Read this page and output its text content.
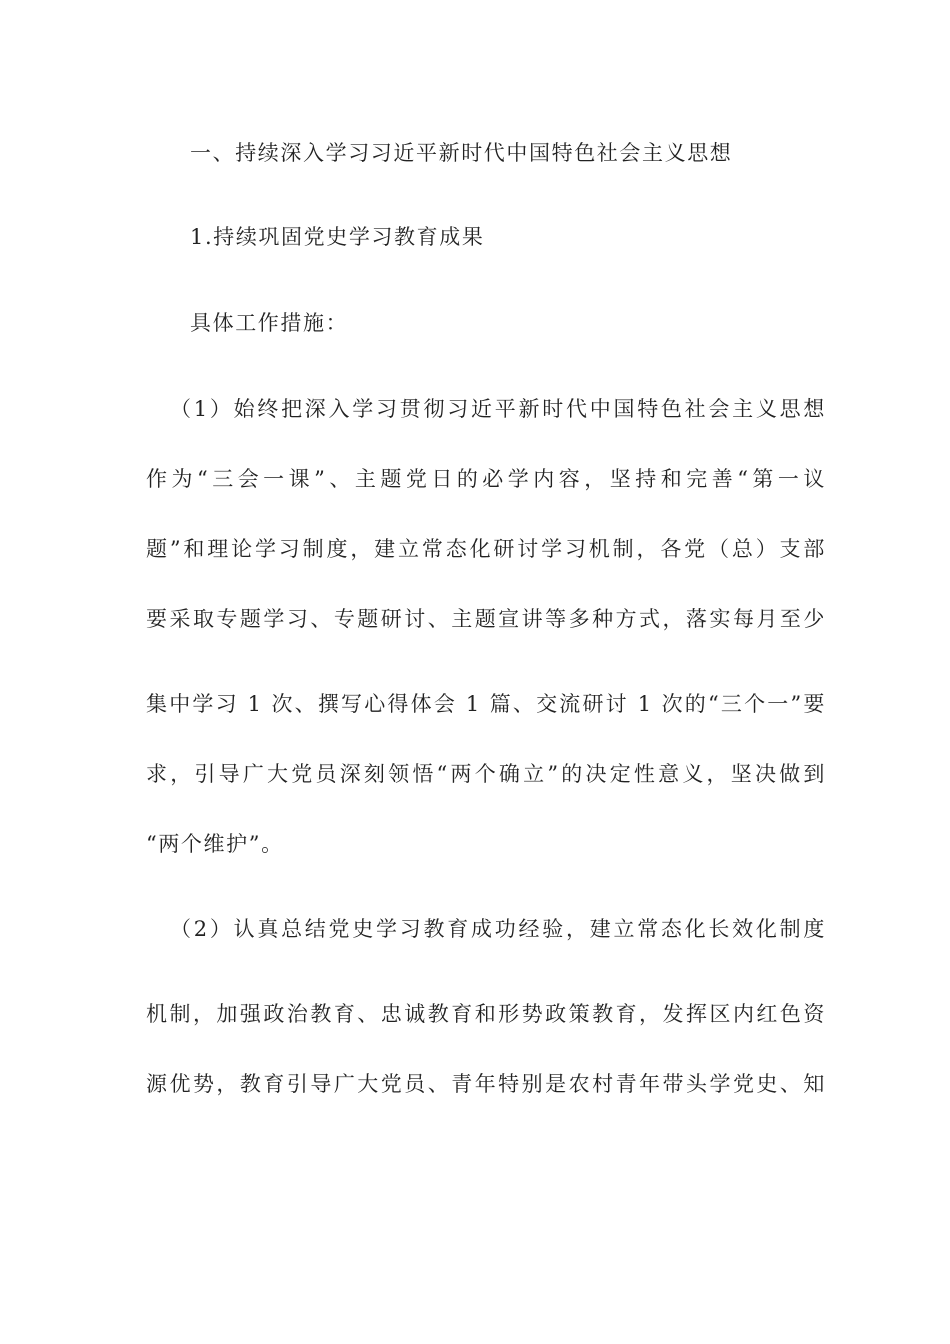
一、持续深入学习习近平新时代中国特色社会主义思想
1.持续巩固党史学习教育成果
具体工作措施：
（1）始终把深入学习贯彻习近平新时代中国特色社会主义思想
作为“三会一课”、主题党日的必学内容，坚持和完善“第一议
题”和理论学习制度，建立常态化研讨学习机制，各党（总）支部
要采取专题学习、专题研讨、主题宣讲等多种方式，落实每月至少
集中学习 1 次、撰写心得体会 1 篇、交流研讨 1 次的“三个一”要
求，引导广大党员深刻领悟“两个确立”的决定性意义，坚决做到
“两个维护”。
（2）认真总结党史学习教育成功经验，建立常态化长效化制度
机制，加强政治教育、忠诚教育和形势政策教育，发挥区内红色资
源优势，教育引导广大党员、青年特别是农村青年带头学党史、知
